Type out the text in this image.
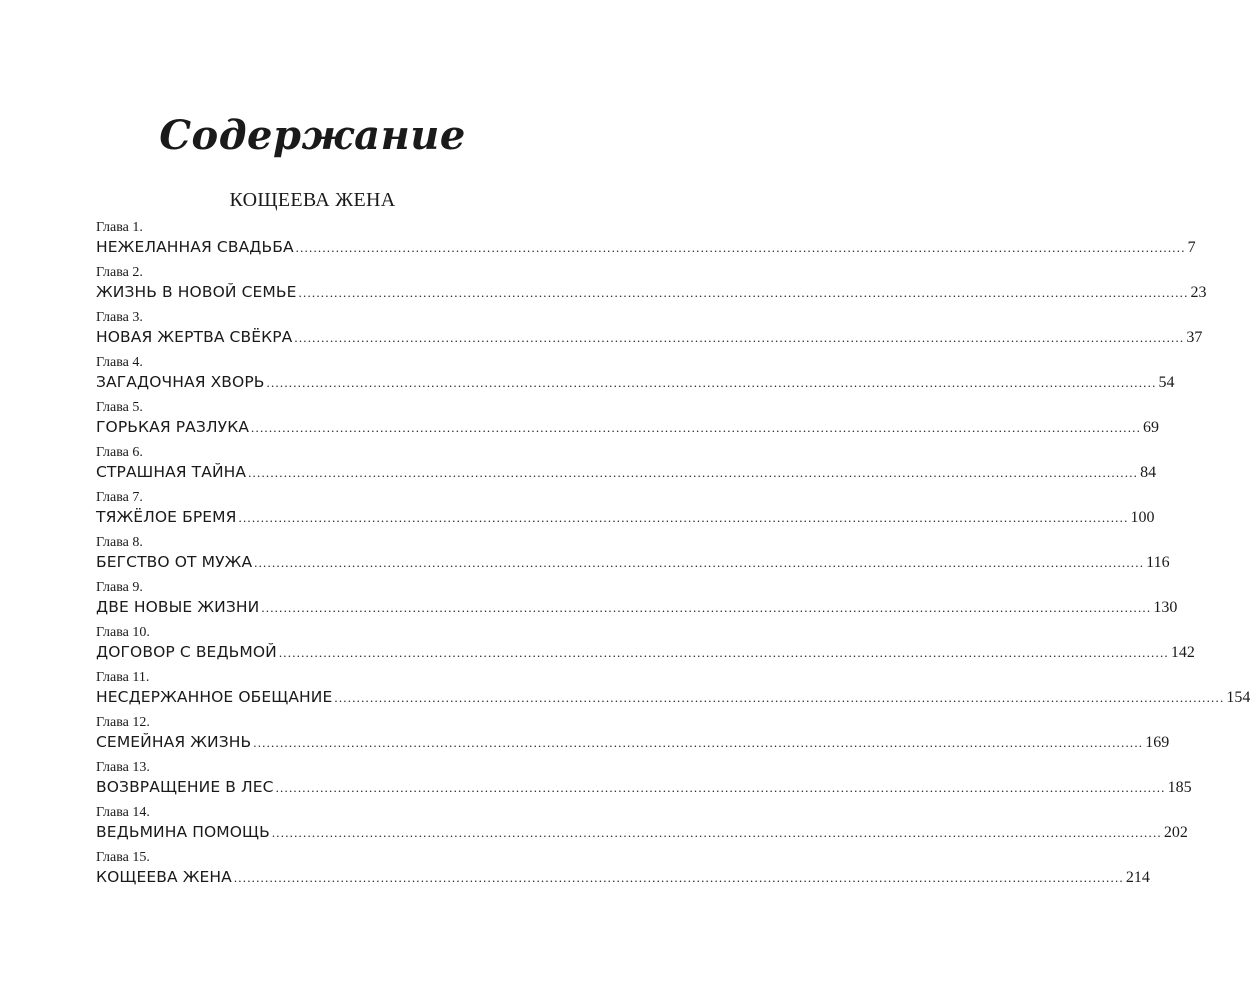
Содержание
КОЩЕЕВА ЖЕНА
Глава 1.
НЕЖЕЛАННАЯ СВАДЬБА ........................................................................................................................................................................................................ 7
Глава 2.
ЖИЗНЬ В НОВОЙ СЕМЬЕ ........................................................................................................................................................................................................ 23
Глава 3.
НОВАЯ ЖЕРТВА СВЁКРА ........................................................................................................................................................................................................ 37
Глава 4.
ЗАГАДОЧНАЯ ХВОРЬ ........................................................................................................................................................................................................ 54
Глава 5.
ГОРЬКАЯ РАЗЛУКА ........................................................................................................................................................................................................ 69
Глава 6.
СТРАШНАЯ ТАЙНА ........................................................................................................................................................................................................ 84
Глава 7.
ТЯЖЁЛОЕ БРЕМЯ ........................................................................................................................................................................................................ 100
Глава 8.
БЕГСТВО ОТ МУЖА ........................................................................................................................................................................................................ 116
Глава 9.
ДВЕ НОВЫЕ ЖИЗНИ ........................................................................................................................................................................................................ 130
Глава 10.
ДОГОВОР С ВЕДЬМОЙ ........................................................................................................................................................................................................ 142
Глава 11.
НЕСДЕРЖАННОЕ ОБЕЩАНИЕ ........................................................................................................................................................................................................ 154
Глава 12.
СЕМЕЙНАЯ ЖИЗНЬ ........................................................................................................................................................................................................ 169
Глава 13.
ВОЗВРАЩЕНИЕ В ЛЕС ........................................................................................................................................................................................................ 185
Глава 14.
ВЕДЬМИНА ПОМОЩЬ ........................................................................................................................................................................................................ 202
Глава 15.
КОЩЕЕВА ЖЕНА ........................................................................................................................................................................................................ 214
